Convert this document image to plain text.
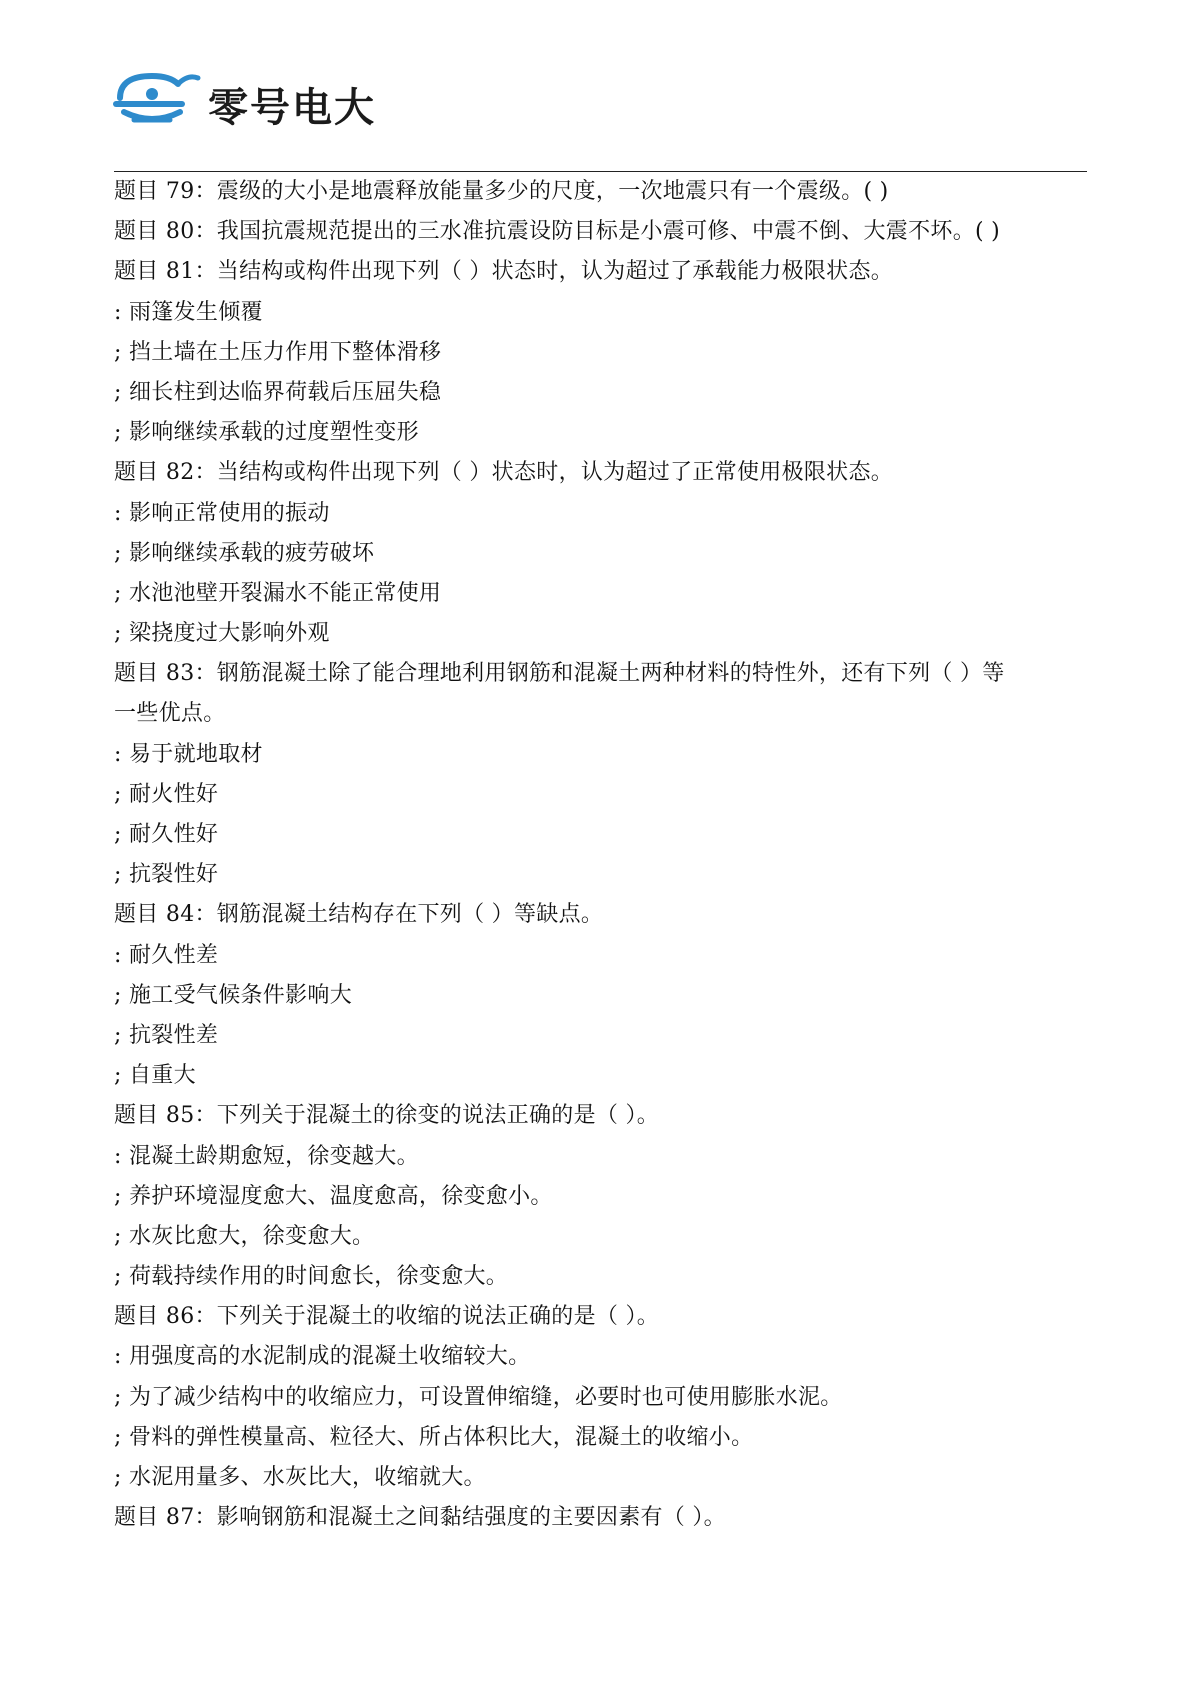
零号电大
题目 79：震级的大小是地震释放能量多少的尺度，一次地震只有一个震级。( )
题目 80：我国抗震规范提出的三水准抗震设防目标是小震可修、中震不倒、大震不坏。( )
题目 81：当结构或构件出现下列（ ）状态时，认为超过了承载能力极限状态。
: 雨篷发生倾覆
; 挡土墙在土压力作用下整体滑移
; 细长柱到达临界荷载后压屈失稳
; 影响继续承载的过度塑性变形
题目 82：当结构或构件出现下列（ ）状态时，认为超过了正常使用极限状态。
: 影响正常使用的振动
; 影响继续承载的疲劳破坏
; 水池池壁开裂漏水不能正常使用
; 梁挠度过大影响外观
题目 83：钢筋混凝土除了能合理地利用钢筋和混凝土两种材料的特性外，还有下列（ ）等
一些优点。
: 易于就地取材
; 耐火性好
; 耐久性好
; 抗裂性好
题目 84：钢筋混凝土结构存在下列（ ）等缺点。
: 耐久性差
; 施工受气候条件影响大
; 抗裂性差
; 自重大
题目 85：下列关于混凝土的徐变的说法正确的是（ ）。
: 混凝土龄期愈短，徐变越大。
; 养护环境湿度愈大、温度愈高，徐变愈小。
; 水灰比愈大，徐变愈大。
; 荷载持续作用的时间愈长，徐变愈大。
题目 86：下列关于混凝土的收缩的说法正确的是（ ）。
: 用强度高的水泥制成的混凝土收缩较大。
; 为了减少结构中的收缩应力，可设置伸缩缝，必要时也可使用膨胀水泥。
; 骨料的弹性模量高、粒径大、所占体积比大，混凝土的收缩小。
; 水泥用量多、水灰比大，收缩就大。
题目 87：影响钢筋和混凝土之间黏结强度的主要因素有（ ）。
